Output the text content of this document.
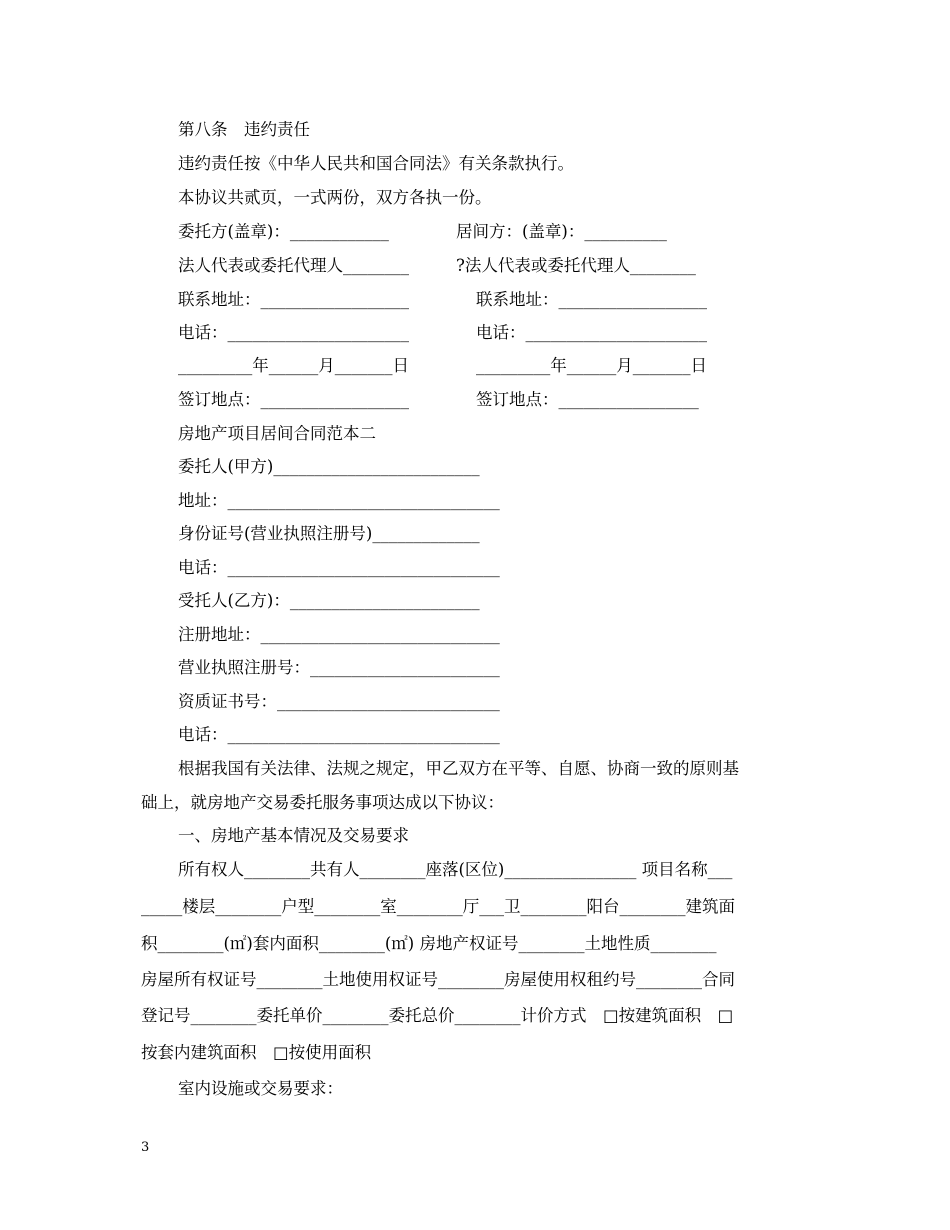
第八条　违约责任
违约责任按《中华人民共和国合同法》有关条款执行。
本协议共贰页，一式两份，双方各执一份。
委托方(盖章)：____________
法人代表或委托代理人________
联系地址：__________________
电话：______________________
_________年______月_______日
签订地点：__________________
居间方：(盖章)：__________
?法人代表或委托代理人________
联系地址：__________________
电话：______________________
_________年______月_______日
签订地点：_________________
房地产项目居间合同范本二
委托人(甲方)_________________________
地址：_________________________________
身份证号(营业执照注册号)_____________
电话：_________________________________
受托人(乙方)：_______________________
注册地址：_____________________________
营业执照注册号：_______________________
资质证书号：___________________________
电话：_________________________________
根据我国有关法律、法规之规定，甲乙双方在平等、自愿、协商一致的原则基
础上，就房地产交易委托服务事项达成以下协议：
一、房地产基本情况及交易要求
所有权人________共有人________座落(区位)________________ 项目名称___
_____楼层________户型________室________厅___卫________阳台________建筑面
积________(㎡)套内面积________(㎡) 房地产权证号________土地性质________
房屋所有权证号________土地使用权证号________房屋使用权租约号________合同
登记号________委托单价________委托总价________计价方式　□按建筑面积　□
按套内建筑面积　□按使用面积
室内设施或交易要求：
3
